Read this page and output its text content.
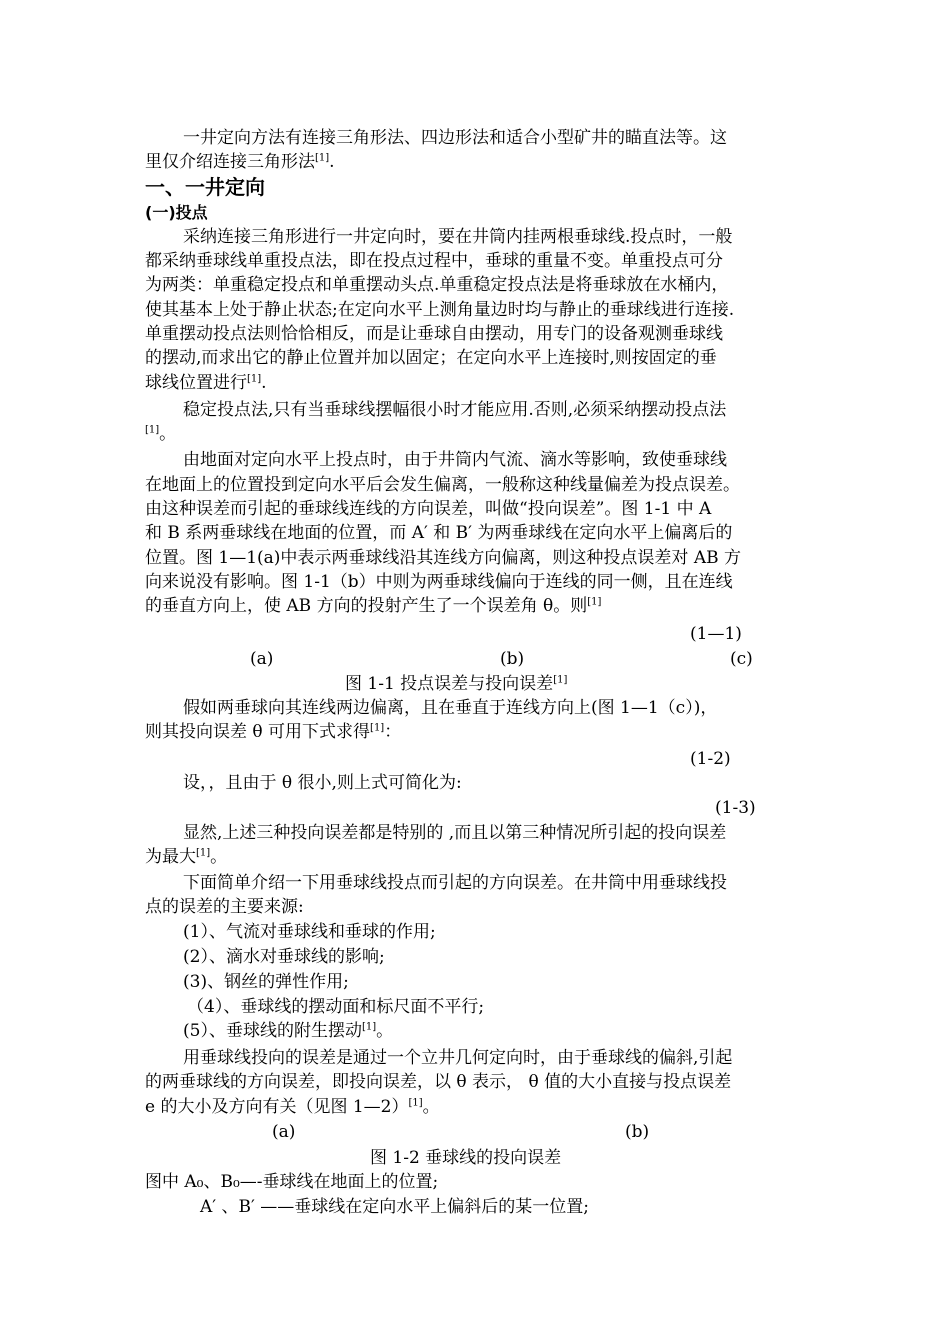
一井定向方法有连接三角形法、四边形法和适合小型矿井的瞄直法等。这
里仅介绍连接三角形法[1].
一、一井定向
(一)投点
采纳连接三角形进行一井定向时，要在井筒内挂两根垂球线.投点时，一般
都采纳垂球线单重投点法，即在投点过程中，垂球的重量不变。单重投点可分
为两类：单重稳定投点和单重摆动头点.单重稳定投点法是将垂球放在水桶内，
使其基本上处于静止状态;在定向水平上测角量边时均与静止的垂球线进行连接.
单重摆动投点法则恰恰相反，而是让垂球自由摆动，用专门的设备观测垂球线
的摆动,而求出它的静止位置并加以固定；在定向水平上连接时,则按固定的垂
球线位置进行[1].
稳定投点法,只有当垂球线摆幅很小时才能应用.否则,必须采纳摆动投点法
[1]。
由地面对定向水平上投点时，由于井筒内气流、滴水等影响，致使垂球线
在地面上的位置投到定向水平后会发生偏离，一般称这种线量偏差为投点误差。
由这种误差而引起的垂球线连线的方向误差，叫做“投向误差”。图 1-1 中 A
和 B 系两垂球线在地面的位置，而 A′ 和 B′ 为两垂球线在定向水平上偏离后的
位置。图 1—1(a)中表示两垂球线沿其连线方向偏离，则这种投点误差对 AB 方
向来说没有影响。图 1-1（b）中则为两垂球线偏向于连线的同一侧，且在连线
的垂直方向上，使 AB 方向的投射产生了一个误差角 θ。则[1]
(1—1)
(a)	(b)	(c)
图 1-1 投点误差与投向误差[1]
假如两垂球向其连线两边偏离，且在垂直于连线方向上(图 1—1（c）)，
则其投向误差 θ 可用下式求得[1]：
(1-2)
设，，且由于 θ 很小,则上式可简化为:
(1-3)
显然,上述三种投向误差都是特别的 ,而且以第三种情况所引起的投向误差
为最大[1]。
下面简单介绍一下用垂球线投点而引起的方向误差。在井筒中用垂球线投
点的误差的主要来源:
(1）、气流对垂球线和垂球的作用;
(2）、滴水对垂球线的影响;
(3)、钢丝的弹性作用;
（4）、垂球线的摆动面和标尺面不平行;
(5）、垂球线的附生摆动[1]。
用垂球线投向的误差是通过一个立井几何定向时，由于垂球线的偏斜,引起
的两垂球线的方向误差，即投向误差，以 θ 表示， θ 值的大小直接与投点误差
e 的大小及方向有关（见图 1—2）[1]。
(a)	(b)
图 1-2 垂球线的投向误差
图中 A₀、B₀—-垂球线在地面上的位置;
A′ 、B′ ——垂球线在定向水平上偏斜后的某一位置;
